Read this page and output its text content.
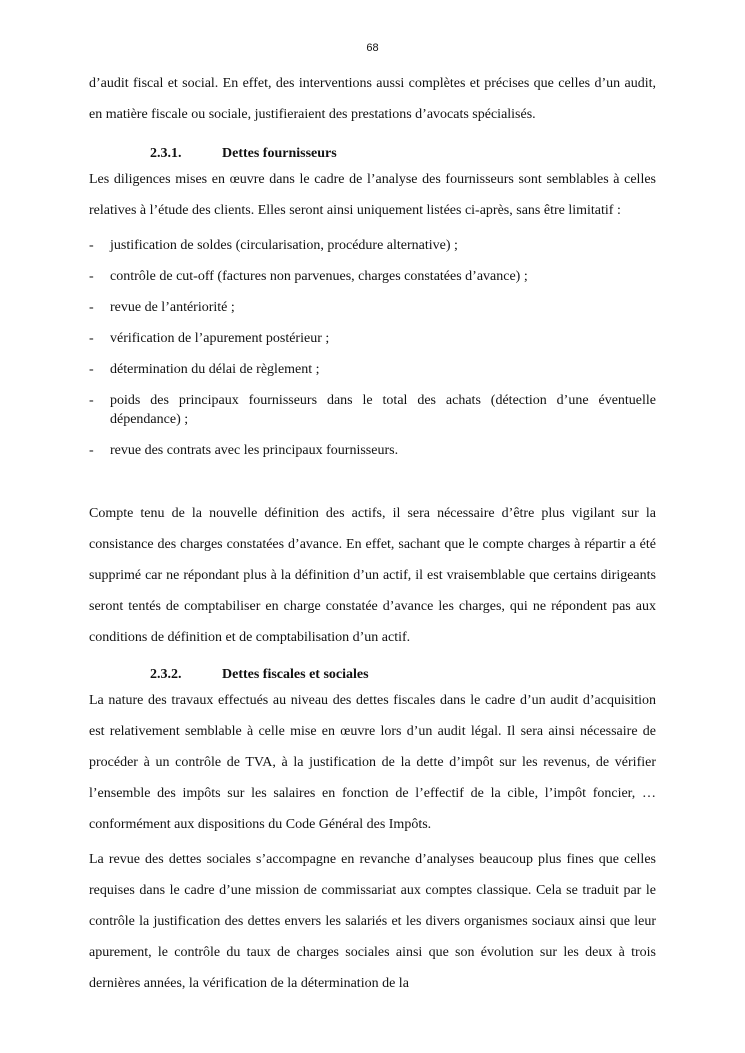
68

d’audit fiscal et social. En effet, des interventions aussi complètes et précises que celles d’un audit, en matière fiscale ou sociale, justifieraient des prestations d’avocats spécialisés.

2.3.1.	Dettes fournisseurs

Les diligences mises en œuvre dans le cadre de l’analyse des fournisseurs sont semblables à celles relatives à l’étude des clients. Elles seront ainsi uniquement listées ci-après, sans être limitatif :

- justification de soldes (circularisation, procédure alternative) ;
- contrôle de cut-off (factures non parvenues, charges constatées d’avance) ;
- revue de l’antériorité ;
- vérification de l’apurement postérieur ;
- détermination du délai de règlement ;
- poids des principaux fournisseurs dans le total des achats (détection d’une éventuelle dépendance) ;
- revue des contrats avec les principaux fournisseurs.

Compte tenu de la nouvelle définition des actifs, il sera nécessaire d’être plus vigilant sur la consistance des charges constatées d’avance. En effet, sachant que le compte charges à répartir a été supprimé car ne répondant plus à la définition d’un actif, il est vraisemblable que certains dirigeants seront tentés de comptabiliser en charge constatée d’avance les charges, qui ne répondent pas aux conditions de définition et de comptabilisation d’un actif.

2.3.2.	Dettes fiscales et sociales

La nature des travaux effectués au niveau des dettes fiscales dans le cadre d’un audit d’acquisition est relativement semblable à celle mise en œuvre lors d’un audit légal. Il sera ainsi nécessaire de procéder à un contrôle de TVA, à la justification de la dette d’impôt sur les revenus, de vérifier l’ensemble des impôts sur les salaires en fonction de l’effectif de la cible, l’impôt foncier, … conformément aux dispositions du Code Général des Impôts.

La revue des dettes sociales s’accompagne en revanche d’analyses beaucoup plus fines que celles requises dans le cadre d’une mission de commissariat aux comptes classique. Cela se traduit par le contrôle la justification des dettes envers les salariés et les divers organismes sociaux ainsi que leur apurement, le contrôle du taux de charges sociales ainsi que son évolution sur les deux à trois dernières années, la vérification de la détermination de la
